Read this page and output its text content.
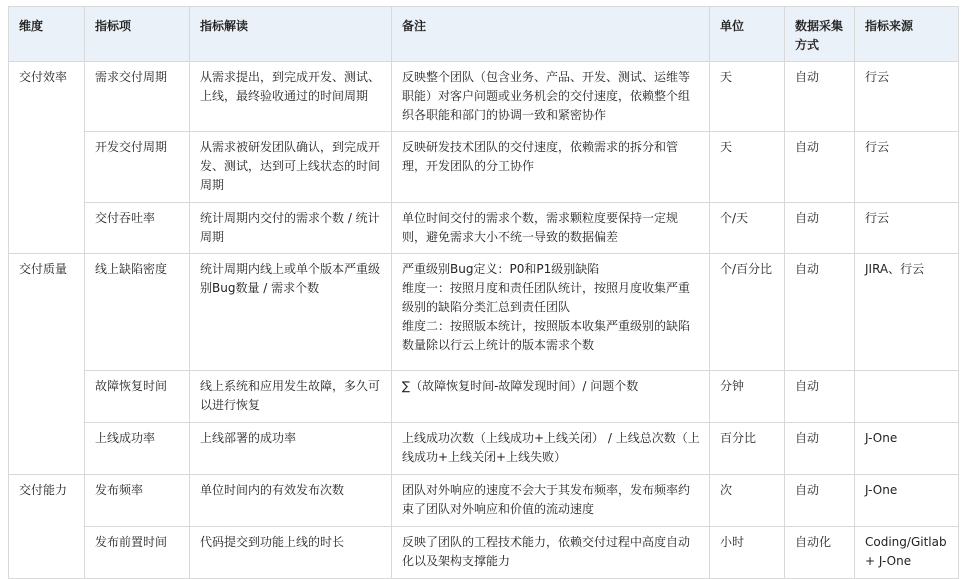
维度	指标项	指标解读	备注	单位	数据采集方式	指标来源
交付效率	需求交付周期	从需求提出，到完成开发、测试、上线，最终验收通过的时间周期	反映整个团队（包含业务、产品、开发、测试、运维等职能）对客户问题或业务机会的交付速度，依赖整个组织各职能和部门的协调一致和紧密协作	天	自动	行云
	开发交付周期	从需求被研发团队确认，到完成开发、测试，达到可上线状态的时间周期	反映研发技术团队的交付速度，依赖需求的拆分和管理，开发团队的分工协作	天	自动	行云
	交付吞吐率	统计周期内交付的需求个数 / 统计周期	单位时间交付的需求个数，需求颗粒度要保持一定规则，避免需求大小不统一导致的数据偏差	个/天	自动	行云
交付质量	线上缺陷密度	统计周期内线上或单个版本严重级别Bug数量 / 需求个数	严重级别Bug定义：P0和P1级别缺陷
维度一：按照月度和责任团队统计，按照月度收集严重级别的缺陷分类汇总到责任团队
维度二：按照版本统计，按照版本收集严重级别的缺陷数量除以行云上统计的版本需求个数	个/百分比	自动	JIRA、行云
	故障恢复时间	线上系统和应用发生故障，多久可以进行恢复	∑（故障恢复时间-故障发现时间）/ 问题个数	分钟	自动	
	上线成功率	上线部署的成功率	上线成功次数（上线成功+上线关闭） / 上线总次数（上线成功+上线关闭+上线失败）	百分比	自动	J-One
交付能力	发布频率	单位时间内的有效发布次数	团队对外响应的速度不会大于其发布频率，发布频率约束了团队对外响应和价值的流动速度	次	自动	J-One
	发布前置时间	代码提交到功能上线的时长	反映了团队的工程技术能力，依赖交付过程中高度自动化以及架构支撑能力	小时	自动化	Coding/Gitlab + J-One
